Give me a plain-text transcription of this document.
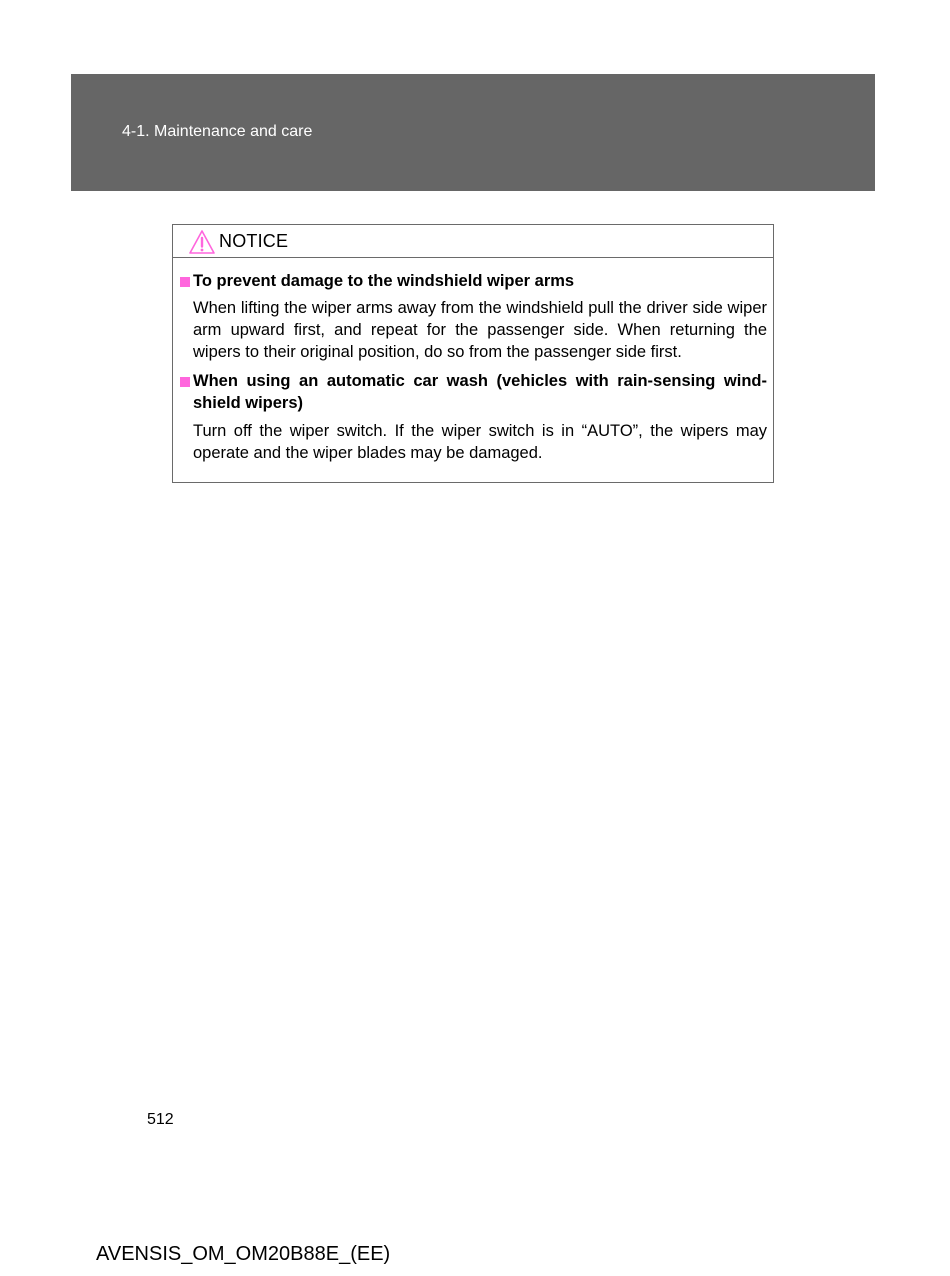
4-1. Maintenance and care
NOTICE
To prevent damage to the windshield wiper arms
When lifting the wiper arms away from the windshield pull the driver side wiper arm upward first, and repeat for the passenger side. When returning the wipers to their original position, do so from the passenger side first.
When using an automatic car wash (vehicles with rain-sensing wind-shield wipers)
Turn off the wiper switch. If the wiper switch is in “AUTO”, the wipers may operate and the wiper blades may be damaged.
512
AVENSIS_OM_OM20B88E_(EE)
